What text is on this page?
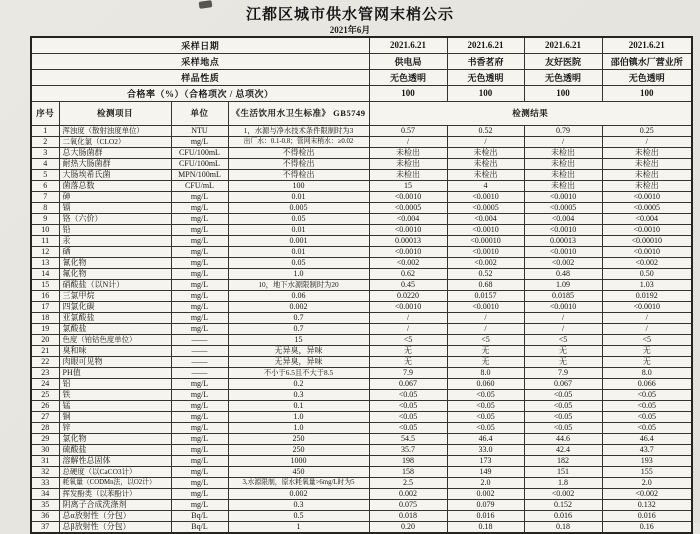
江都区城市供水管网末梢公示
2021年6月
采样日期				2021.6.21	2021.6.21	2021.6.21	2021.6.21
采样地点				供电局	书香茗府	友好医院	邵伯镇水厂营业所
样品性质				无色透明	无色透明	无色透明	无色透明
合格率（%）（合格项次 / 总项次）				100	100	100	100
序号	检测项目	单位	《生活饮用水卫生标准》 GB5749	检测结果			
1	浑浊度（散射浊度单位）	NTU	1，水源与净水技术条件限制时为3	0.57	0.52	0.79	0.25
2	二氧化氯（CLO2）	mg/L	出厂水：0.1-0.8；管网末梢水：≥0.02	/	/	/	/
3	总大肠菌群	CFU/100mL	不得检出	未检出	未检出	未检出	未检出
4	耐热大肠菌群	CFU/100mL	不得检出	未检出	未检出	未检出	未检出
5	大肠埃希氏菌	MPN/100mL	不得检出	未检出	未检出	未检出	未检出
6	菌落总数	CFU/mL	100	15	4	未检出	未检出
7	砷	mg/L	0.01	<0.0010	<0.0010	<0.0010	<0.0010
8	镉	mg/L	0.005	<0.0005	<0.0005	<0.0005	<0.0005
9	铬（六价）	mg/L	0.05	<0.004	<0.004	<0.004	<0.004
10	铅	mg/L	0.01	<0.0010	<0.0010	<0.0010	<0.0010
11	汞	mg/L	0.001	0.00013	<0.00010	0.00013	<0.00010
12	硒	mg/L	0.01	<0.0010	<0.0010	<0.0010	<0.0010
13	氰化物	mg/L	0.05	<0.002	<0.002	<0.002	<0.002
14	氟化物	mg/L	1.0	0.62	0.52	0.48	0.50
15	硝酸盐（以N计）	mg/L	10，地下水源限制时为20	0.45	0.68	1.09	1.03
16	三氯甲烷	mg/L	0.06	0.0220	0.0157	0.0185	0.0192
17	四氯化碳	mg/L	0.002	<0.0010	<0.0010	<0.0010	<0.0010
18	亚氯酸盐	mg/L	0.7	/	/	/	/
19	氯酸盐	mg/L	0.7	/	/	/	/
20	色度（铂钴色度单位）	——	15	<5	<5	<5	<5
21	臭和味	——	无异臭，异味	无	无	无	无
22	肉眼可见物	——	无异臭，异味	无	无	无	无
23	PH值	——	不小于6.5且不大于8.5	7.9	8.0	7.9	8.0
24	铝	mg/L	0.2	0.067	0.060	0.067	0.066
25	铁	mg/L	0.3	<0.05	<0.05	<0.05	<0.05
26	锰	mg/L	0.1	<0.05	<0.05	<0.05	<0.05
27	铜	mg/L	1.0	<0.05	<0.05	<0.05	<0.05
28	锌	mg/L	1.0	<0.05	<0.05	<0.05	<0.05
29	氯化物	mg/L	250	54.5	46.4	44.6	46.4
30	硫酸盐	mg/L	250	35.7	33.0	42.4	43.7
31	溶解性总固体	mg/L	1000	198	173	182	193
32	总硬度（以CaCO3计）	mg/L	450	158	149	151	155
33	耗氧量（CODMn法，以O2计）	mg/L	3,水源限制，原水耗氧量>6mg/L时为5	2.5	2.0	1.8	2.0
34	挥发酚类（以苯酚计）	mg/L	0.002	0.002	0.002	<0.002	<0.002
35	阴离子合成洗涤剂	mg/L	0.3	0.075	0.079	0.152	0.132
36	总α放射性（分包）	Bq/L	0.5	0.018	0.016	0.016	0.016
37	总β放射性（分包）	Bq/L	1	0.20	0.18	0.18	0.16
